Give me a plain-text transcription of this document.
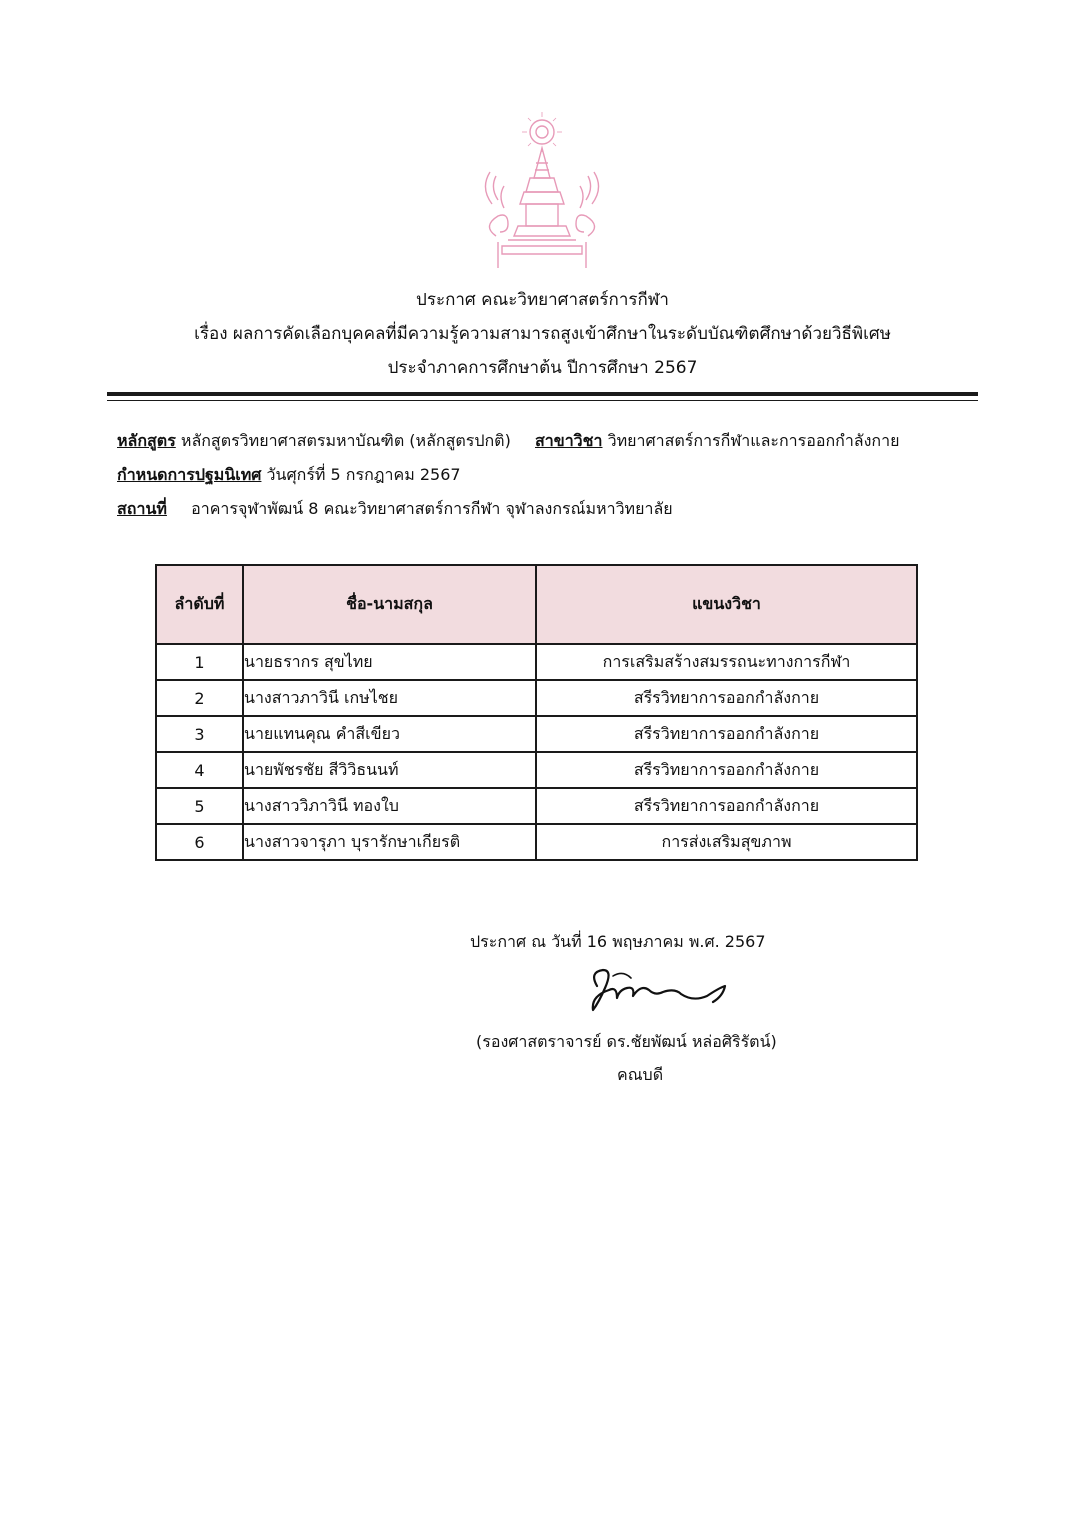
ประกาศ คณะวิทยาศาสตร์การกีฬา
เรื่อง ผลการคัดเลือกบุคคลที่มีความรู้ความสามารถสูงเข้าศึกษาในระดับบัณฑิตศึกษาด้วยวิธีพิเศษ
ประจำภาคการศึกษาต้น ปีการศึกษา 2567
หลักสูตร หลักสูตรวิทยาศาสตรมหาบัณฑิต (หลักสูตรปกติ) สาขาวิชา วิทยาศาสตร์การกีฬาและการออกกำลังกาย
กำหนดการปฐมนิเทศ วันศุกร์ที่ 5 กรกฎาคม 2567
สถานที่ อาคารจุฬาพัฒน์ 8 คณะวิทยาศาสตร์การกีฬา จุฬาลงกรณ์มหาวิทยาลัย
ลำดับที่	ชื่อ-นามสกุล	แขนงวิชา
1	นายธรากร สุขไทย	การเสริมสร้างสมรรถนะทางการกีฬา
2	นางสาวภาวินี เกษไชย	สรีรวิทยาการออกกำลังกาย
3	นายแทนคุณ คำสีเขียว	สรีรวิทยาการออกกำลังกาย
4	นายพัชรชัย สีวิวิธนนท์	สรีรวิทยาการออกกำลังกาย
5	นางสาววิภาวินี ทองใบ	สรีรวิทยาการออกกำลังกาย
6	นางสาวจารุภา บุรารักษาเกียรติ	การส่งเสริมสุขภาพ
ประกาศ ณ วันที่ 16 พฤษภาคม พ.ศ. 2567
(รองศาสตราจารย์ ดร.ชัยพัฒน์ หล่อศิริรัตน์)
คณบดี
